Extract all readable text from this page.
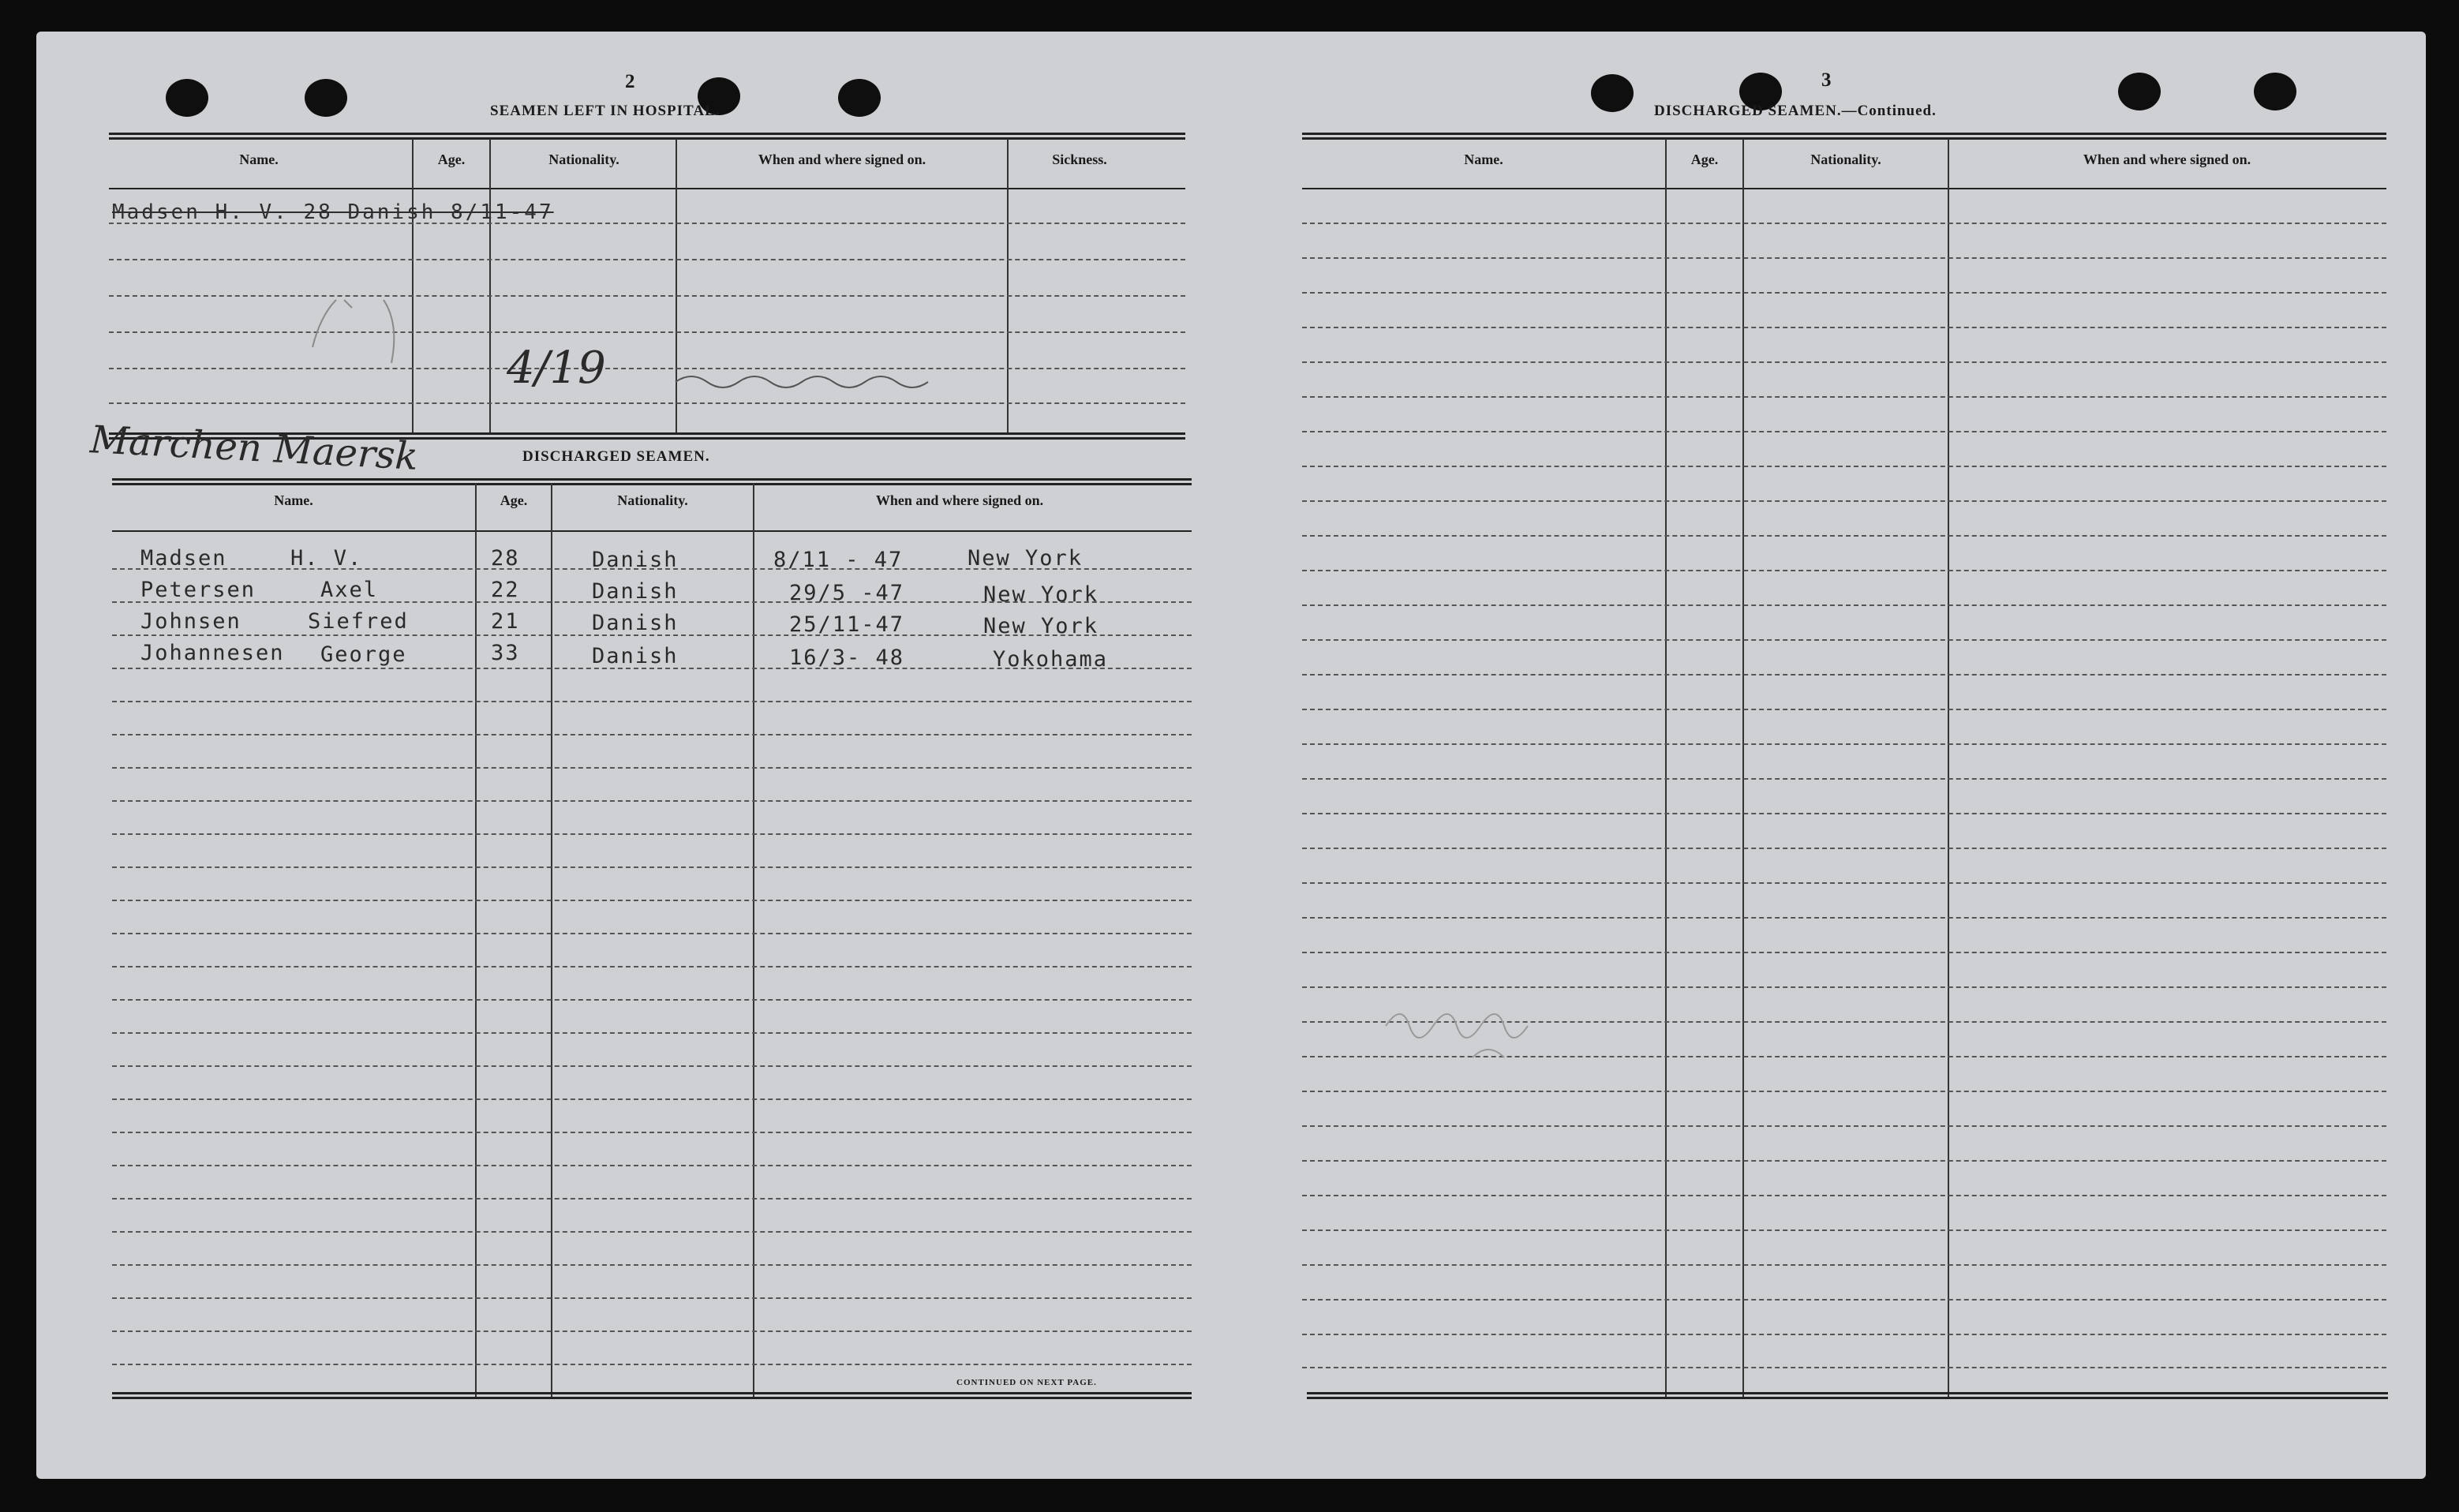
2
SEAMEN LEFT IN HOSPITAL.
Name.	Age.	Nationality.	When and where signed on.	Sickness.
Madsen H. V. 28 Danish 8/11-47
4/19
Marchen Maersk	DISCHARGED SEAMEN.
Name.	Age.	Nationality.	When and where signed on.
Madsen	H. V.	28	Danish	8/11 - 47	New York
Petersen	Axel	22	Danish	29/5 -47	New York
Johnsen	Siefred	21	Danish	25/11-47	New York
Johannesen George	33	Danish	16/3- 48	Yokohama
CONTINUED ON NEXT PAGE.
3
DISCHARGED SEAMEN.—Continued.
Name.	Age.	Nationality.	When and where signed on.
